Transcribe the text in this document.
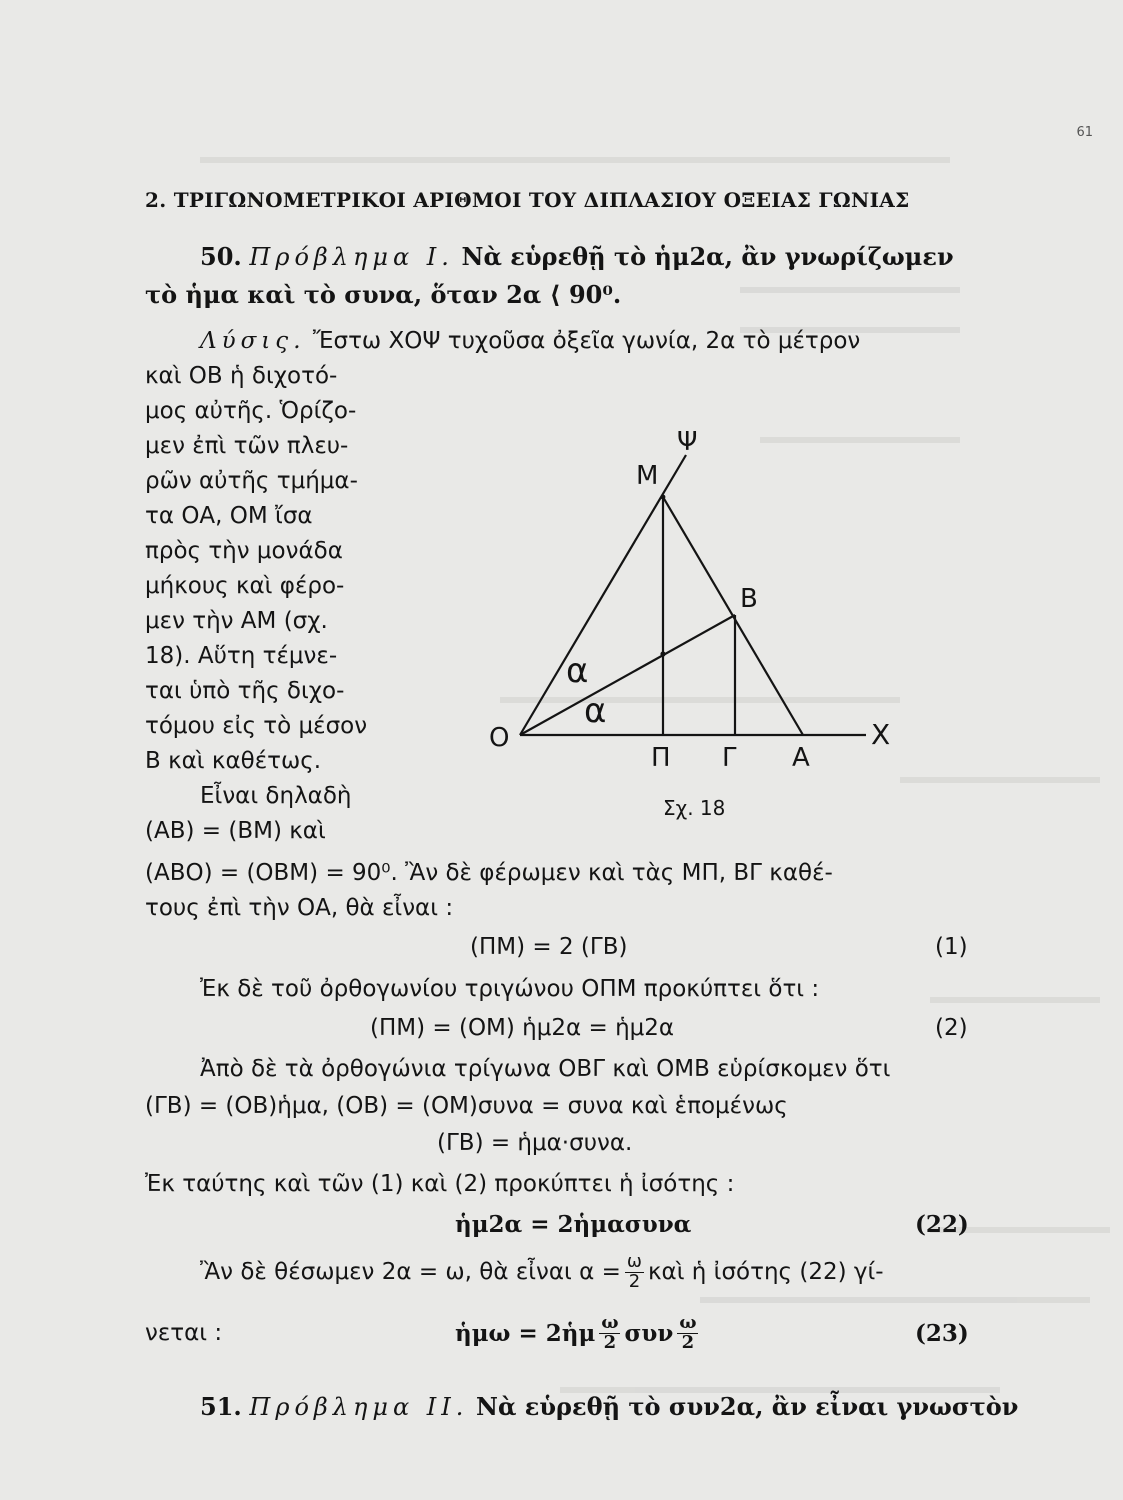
61
2. ΤΡΙΓΩΝΟΜΕΤΡΙΚΟΙ ΑΡΙΘΜΟΙ ΤΟΥ ΔΙΠΛΑΣΙΟΥ ΟΞΕΙΑΣ ΓΩΝΙΑΣ
50. Πρόβλημα Ι. Νὰ εὑρεθῇ τὸ ἡμ2α, ἂν γνωρίζωμεν
τὸ ἡμα καὶ τὸ συνα, ὅταν 2α ⟨ 90⁰.
Λύσις. Ἔστω ΧΟΨ τυχοῦσα ὀξεῖα γωνία, 2α τὸ μέτρον
καὶ ΟΒ ἡ διχοτό-
μος αὐτῆς. Ὁρίζο-
μεν ἐπὶ τῶν πλευ-
ρῶν αὐτῆς τμήμα-
τα ΟΑ, ΟΜ ἴσα
πρὸς τὴν μονάδα
μήκους καὶ φέρο-
μεν τὴν ΑΜ (σχ.
18). Αὕτη τέμνε-
ται ὑπὸ τῆς διχο-
τόμου εἰς τὸ μέσον
Β καὶ καθέτως.
Εἶναι δηλαδὴ
(ΑΒ) = (ΒΜ) καὶ
(ΑΒΟ) = (ΟΒΜ) = 90⁰. Ἂν δὲ φέρωμεν καὶ τὰς ΜΠ, ΒΓ καθέ-
τους ἐπὶ τὴν ΟΑ, θὰ εἶναι :
Ψ
Μ
Β
α
α
Ο	Χ
Π Γ Α
Σχ. 18
(ΠΜ) = 2 (ΓΒ)	(1)
Ἐκ δὲ τοῦ ὀρθογωνίου τριγώνου ΟΠΜ προκύπτει ὅτι :
(ΠΜ) = (ΟΜ) ἡμ2α = ἡμ2α	(2)
Ἀπὸ δὲ τὰ ὀρθογώνια τρίγωνα ΟΒΓ καὶ ΟΜΒ εὑρίσκομεν ὅτι
(ΓΒ) = (ΟΒ)ἡμα, (ΟΒ) = (ΟΜ)συνα = συνα καὶ ἑπομένως
(ΓΒ) = ἡμα·συνα.
Ἐκ ταύτης καὶ τῶν (1) καὶ (2) προκύπτει ἡ ἰσότης :
ἡμ2α = 2ἡμασυνα	(22)
Ἂν δὲ θέσωμεν 2α = ω, θὰ εἶναι $\alpha = \frac{\omega}{2}$ καὶ ἡ ἰσότης (22) γί-
νεται :	ἡμω = 2ἡμ $\frac{\omega}{2}$ συν $\frac{\omega}{2}$	(23)
51. Πρόβλημα ΙΙ. Νὰ εὑρεθῇ τὸ συν2α, ἂν εἶναι γνωστὸν
